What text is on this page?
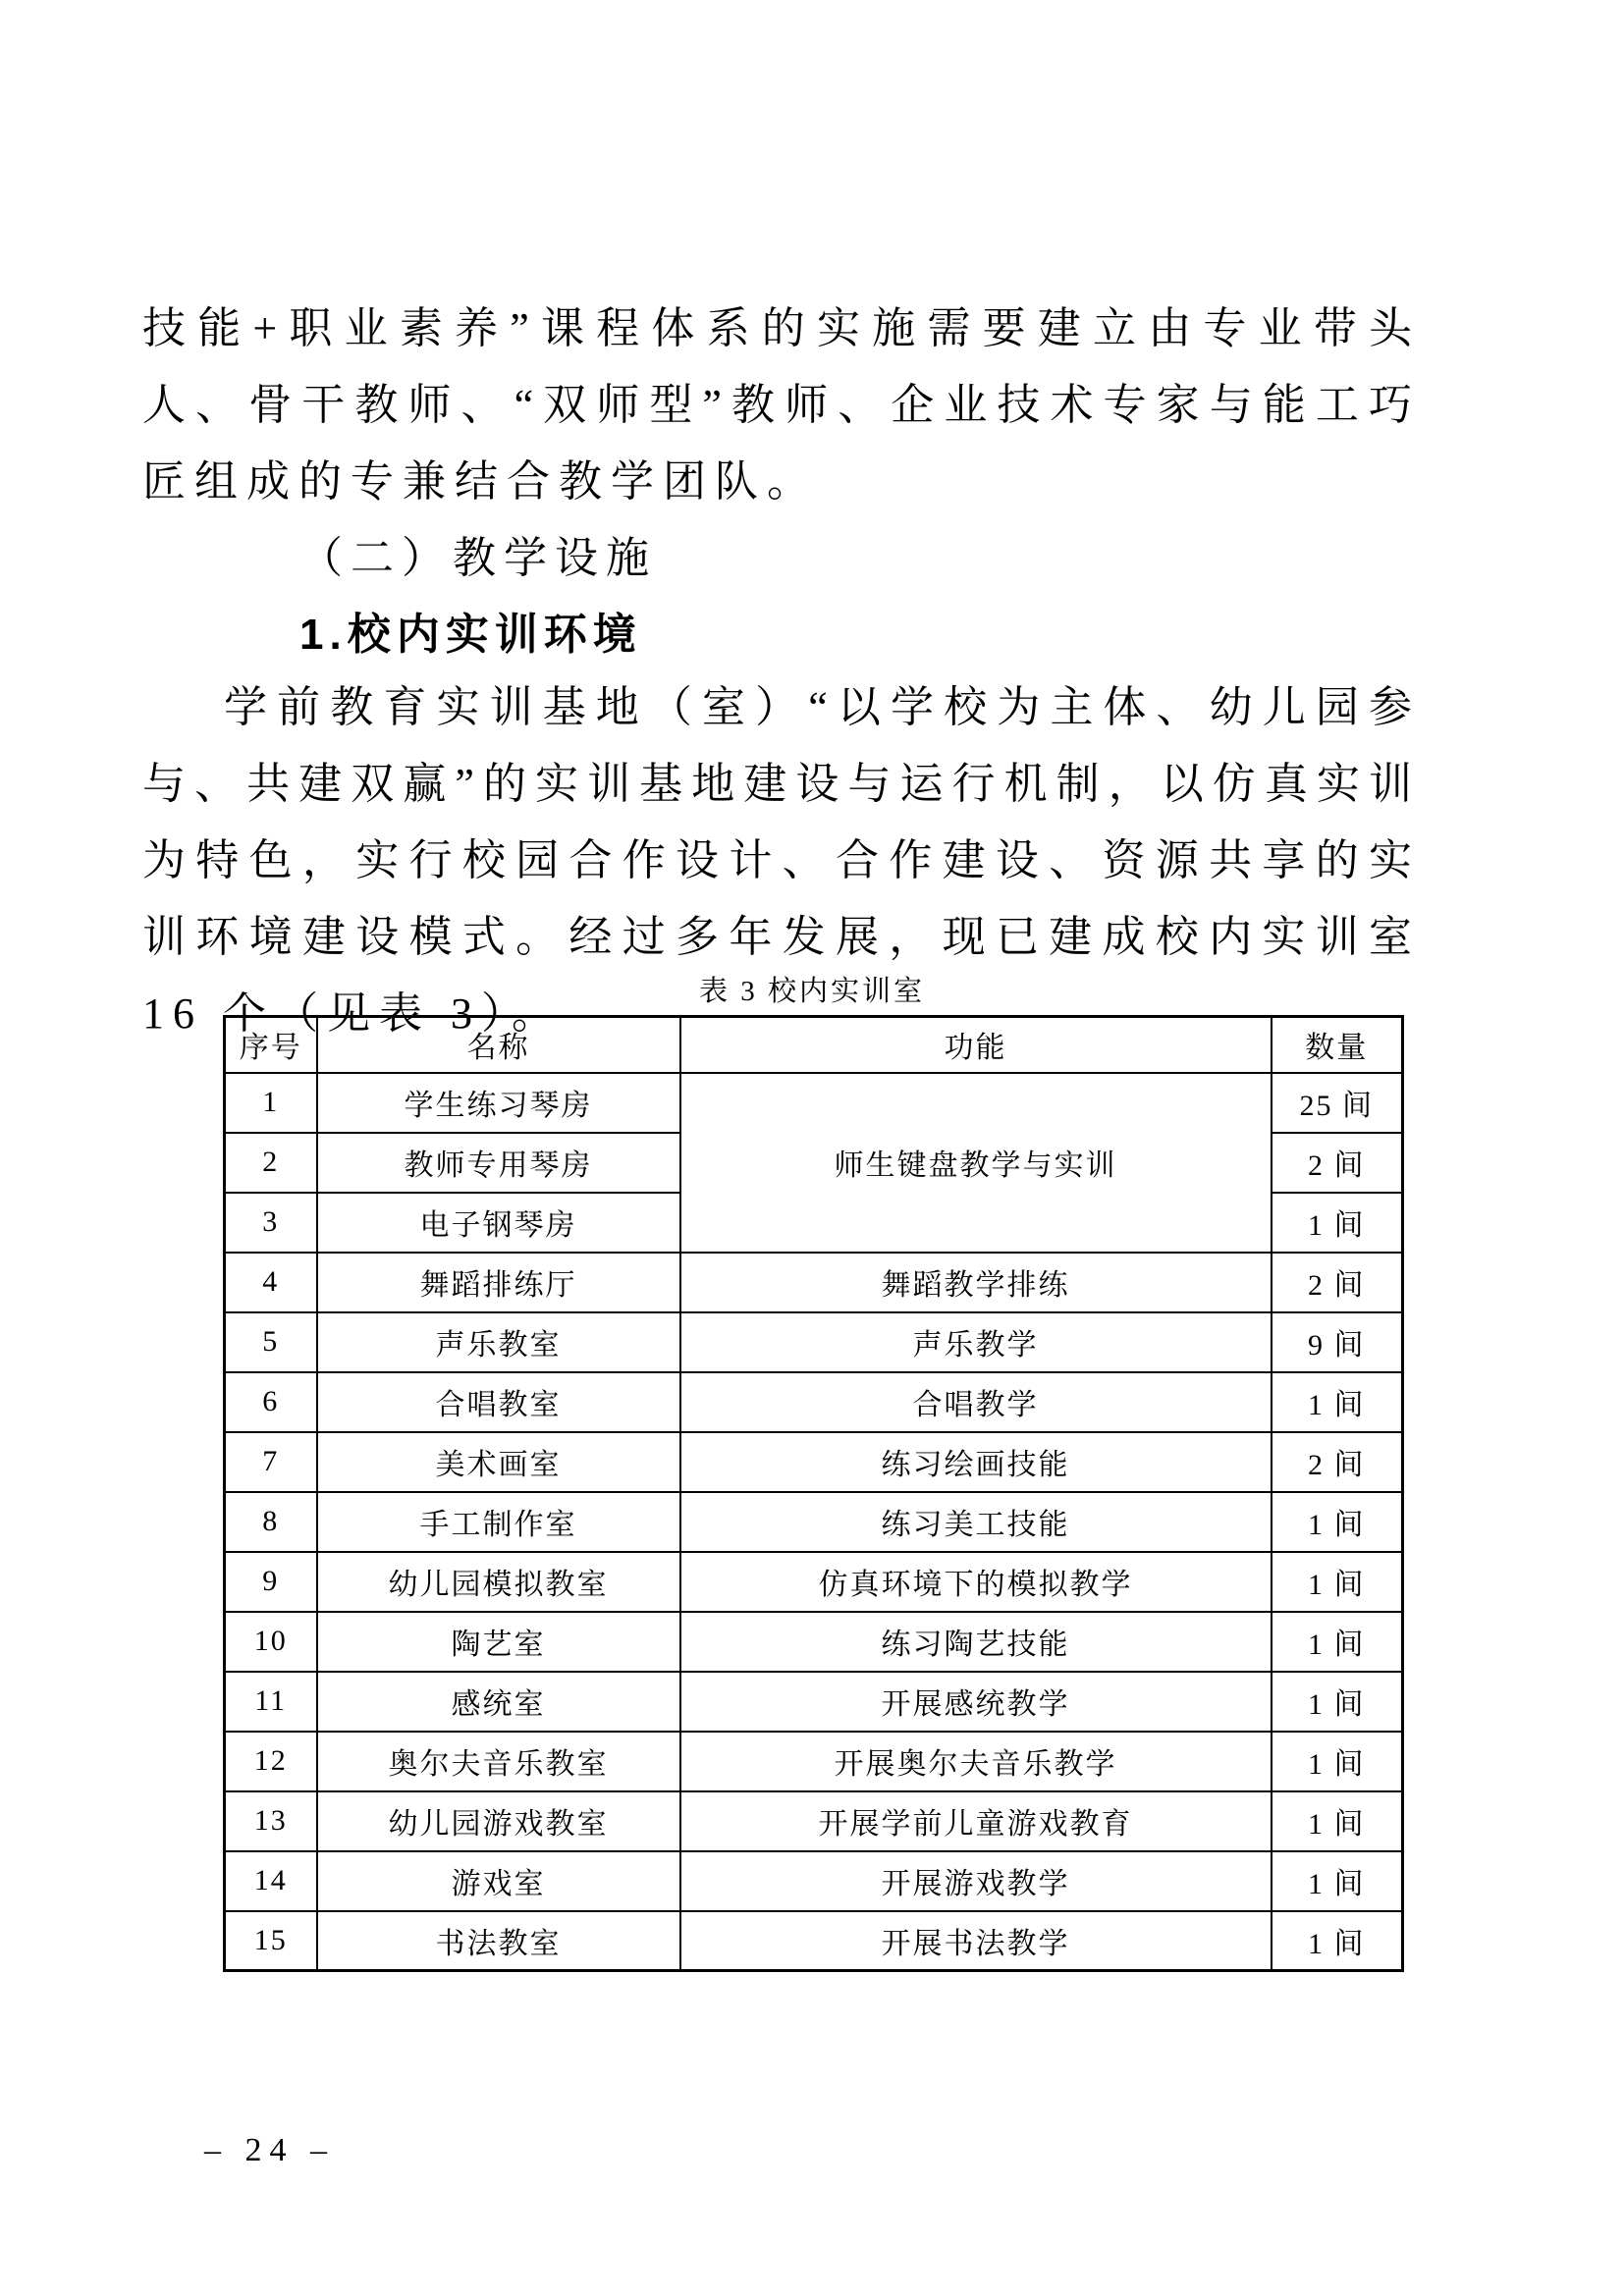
技能+职业素养”课程体系的实施需要建立由专业带头人、骨干教师、“双师型”教师、企业技术专家与能工巧匠组成的专兼结合教学团队。

（二）教学设施

1.校内实训环境

学前教育实训基地（室）“以学校为主体、幼儿园参与、共建双赢”的实训基地建设与运行机制，以仿真实训为特色，实行校园合作设计、合作建设、资源共享的实训环境建设模式。经过多年发展，现已建成校内实训室 16 个（见表 3）。	表 3 校内实训室
序号	名称	功能	数量
1	学生练习琴房	师生键盘教学与实训	25 间
2	教师专用琴房		2 间
3	电子钢琴房		1 间
4	舞蹈排练厅	舞蹈教学排练	2 间
5	声乐教室	声乐教学	9 间
6	合唱教室	合唱教学	1 间
7	美术画室	练习绘画技能	2 间
8	手工制作室	练习美工技能	1 间
9	幼儿园模拟教室	仿真环境下的模拟教学	1 间
10	陶艺室	练习陶艺技能	1 间
11	感统室	开展感统教学	1 间
12	奥尔夫音乐教室	开展奥尔夫音乐教学	1 间
13	幼儿园游戏教室	开展学前儿童游戏教育	1 间
14	游戏室	开展游戏教学	1 间
15	书法教室	开展书法教学	1 间
– 24 –
